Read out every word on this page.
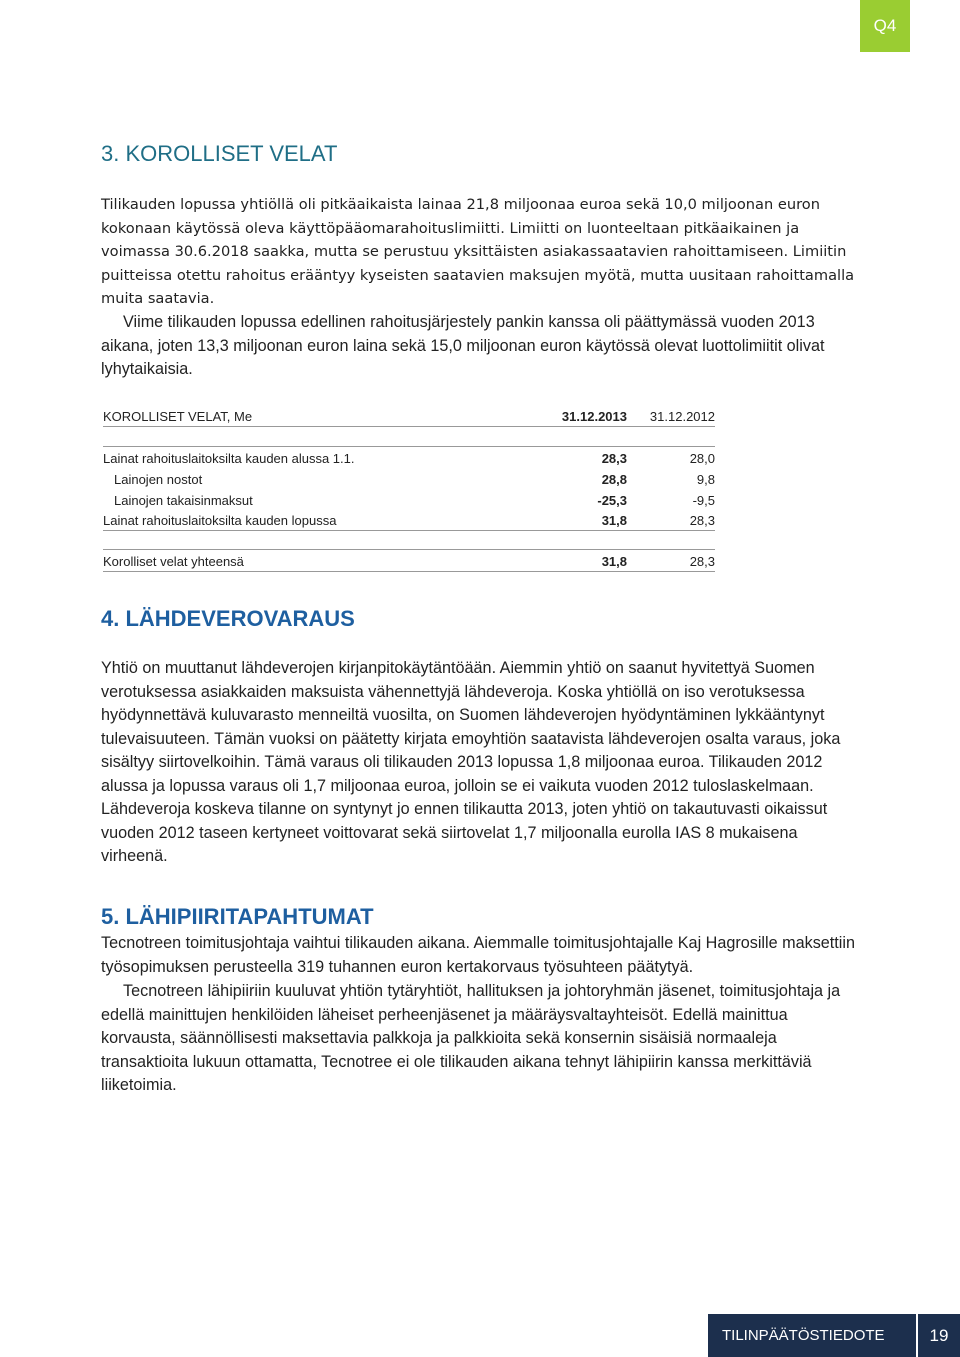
Q4
3. KOROLLISET VELAT

Tilikauden lopussa yhtiöllä oli pitkäaikaista lainaa 21,8 miljoonaa euroa sekä 10,0 miljoonan euron kokonaan käytössä oleva käyttöpääomarahoituslimiitti. Limiitti on luonteeltaan pitkäaikainen ja voimassa 30.6.2018 saakka, mutta se perustuu yksittäisten asiakassaatavien rahoittamiseen. Limiitin puitteissa otettu rahoitus erääntyy kyseisten saatavien maksujen myötä, mutta uusitaan rahoittamalla muita saatavia.

Viime tilikauden lopussa edellinen rahoitusjärjestely pankin kanssa oli päättymässä vuoden 2013 aikana, joten 13,3 miljoonan euron laina sekä 15,0 miljoonan euron käytössä olevat luottolimiitit olivat lyhytaikaisia.

4. LÄHDEVEROVARAUS

Yhtiö on muuttanut lähdeverojen kirjanpitokäytäntöään. Aiemmin yhtiö on saanut hyvitettyä Suomen verotuksessa asiakkaiden maksuista vähennettyjä lähdeveroja. Koska yhtiöllä on iso verotuksessa hyödynnettävä kuluvarasto menneiltä vuosilta, on Suomen lähdeverojen hyödyntäminen lykkääntynyt tulevaisuuteen. Tämän vuoksi on päätetty kirjata emoyhtiön saatavista lähdeverojen osalta varaus, joka sisältyy siirtovelkoihin. Tämä varaus oli tilikauden 2013 lopussa 1,8 miljoonaa euroa. Tilikauden 2012 alussa ja lopussa varaus oli 1,7 miljoonaa euroa, jolloin se ei vaikuta vuoden 2012 tuloslaskelmaan. Lähdeveroja koskeva tilanne on syntynyt jo ennen tilikautta 2013, joten yhtiö on takautuvasti oikaissut vuoden 2012 taseen kertyneet voittovarat sekä siirtovelat 1,7 miljoonalla eurolla IAS 8 mukaisena virheenä.

5. LÄHIPIIRITAPAHTUMAT

Tecnotreen toimitusjohtaja vaihtui tilikauden aikana. Aiemmalle toimitusjohtajalle Kaj Hagrosille maksettiin työsopimuksen perusteella 319 tuhannen euron kertakorvaus työsuhteen päätytyä.

Tecnotreen lähipiiriin kuuluvat yhtiön tytäryhtiöt, hallituksen ja johtoryhmän jäsenet, toimitusjohtaja ja edellä mainittujen henkilöiden läheiset perheenjäsenet ja määräysvaltayhteisöt. Edellä mainittua korvausta, säännöllisesti maksettavia palkkoja ja palkkioita sekä konsernin sisäisiä normaaleja transaktioita lukuun ottamatta, Tecnotree ei ole tilikauden aikana tehnyt lähipiirin kanssa merkittäviä liiketoimia.

KOROLLISET VELAT, Me	31.12.2013	31.12.2012
Lainat rahoituslaitoksilta kauden alussa 1.1.	28,3	28,0
Lainojen nostot	28,8	9,8
Lainojen takaisinmaksut	-25,3	-9,5
Lainat rahoituslaitoksilta kauden lopussa	31,8	28,3
Korolliset velat yhteensä	31,8	28,3
TILINPÄÄTÖSTIEDOTE	19
